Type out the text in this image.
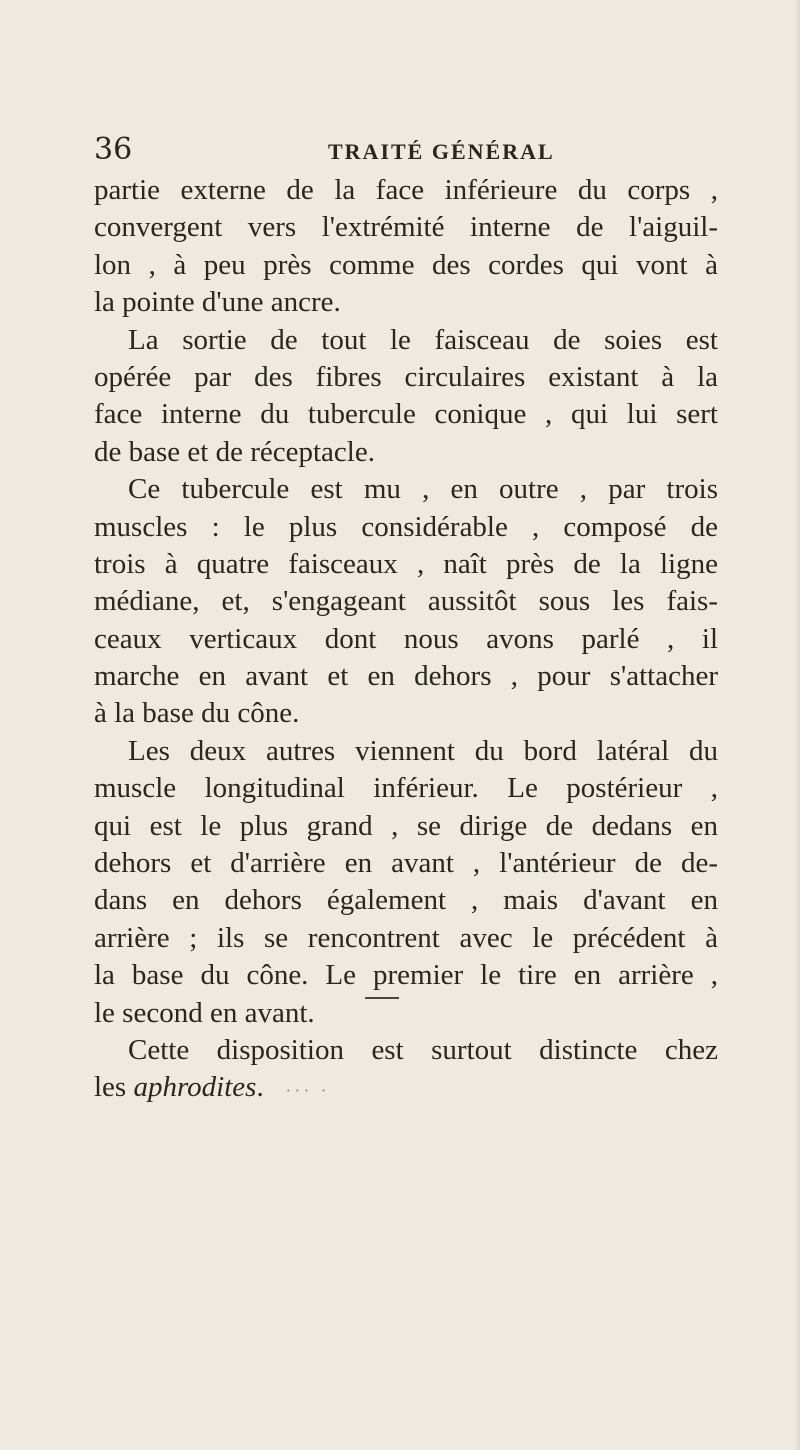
36	TRAITÉ GÉNÉRAL
partie externe de la face inférieure du corps ,
convergent vers l'extrémité interne de l'aiguil-
lon , à peu près comme des cordes qui vont à
la pointe d'une ancre.
La sortie de tout le faisceau de soies est
opérée par des fibres circulaires existant à la
face interne du tubercule conique , qui lui sert
de base et de réceptacle.
Ce tubercule est mu , en outre , par trois
muscles : le plus considérable , composé de
trois à quatre faisceaux , naît près de la ligne
médiane, et, s'engageant aussitôt sous les fais-
ceaux verticaux dont nous avons parlé , il
marche en avant et en dehors , pour s'attacher
à la base du cône.
Les deux autres viennent du bord latéral du
muscle longitudinal inférieur. Le postérieur ,
qui est le plus grand , se dirige de dedans en
dehors et d'arrière en avant , l'antérieur de de-
dans en dehors également , mais d'avant en
arrière ; ils se rencontrent avec le précédent à
la base du cône. Le premier le tire en arrière ,
le second en avant.
Cette disposition est surtout distincte chez
les aphrodites. ⋅⋅⋅ ⋅
